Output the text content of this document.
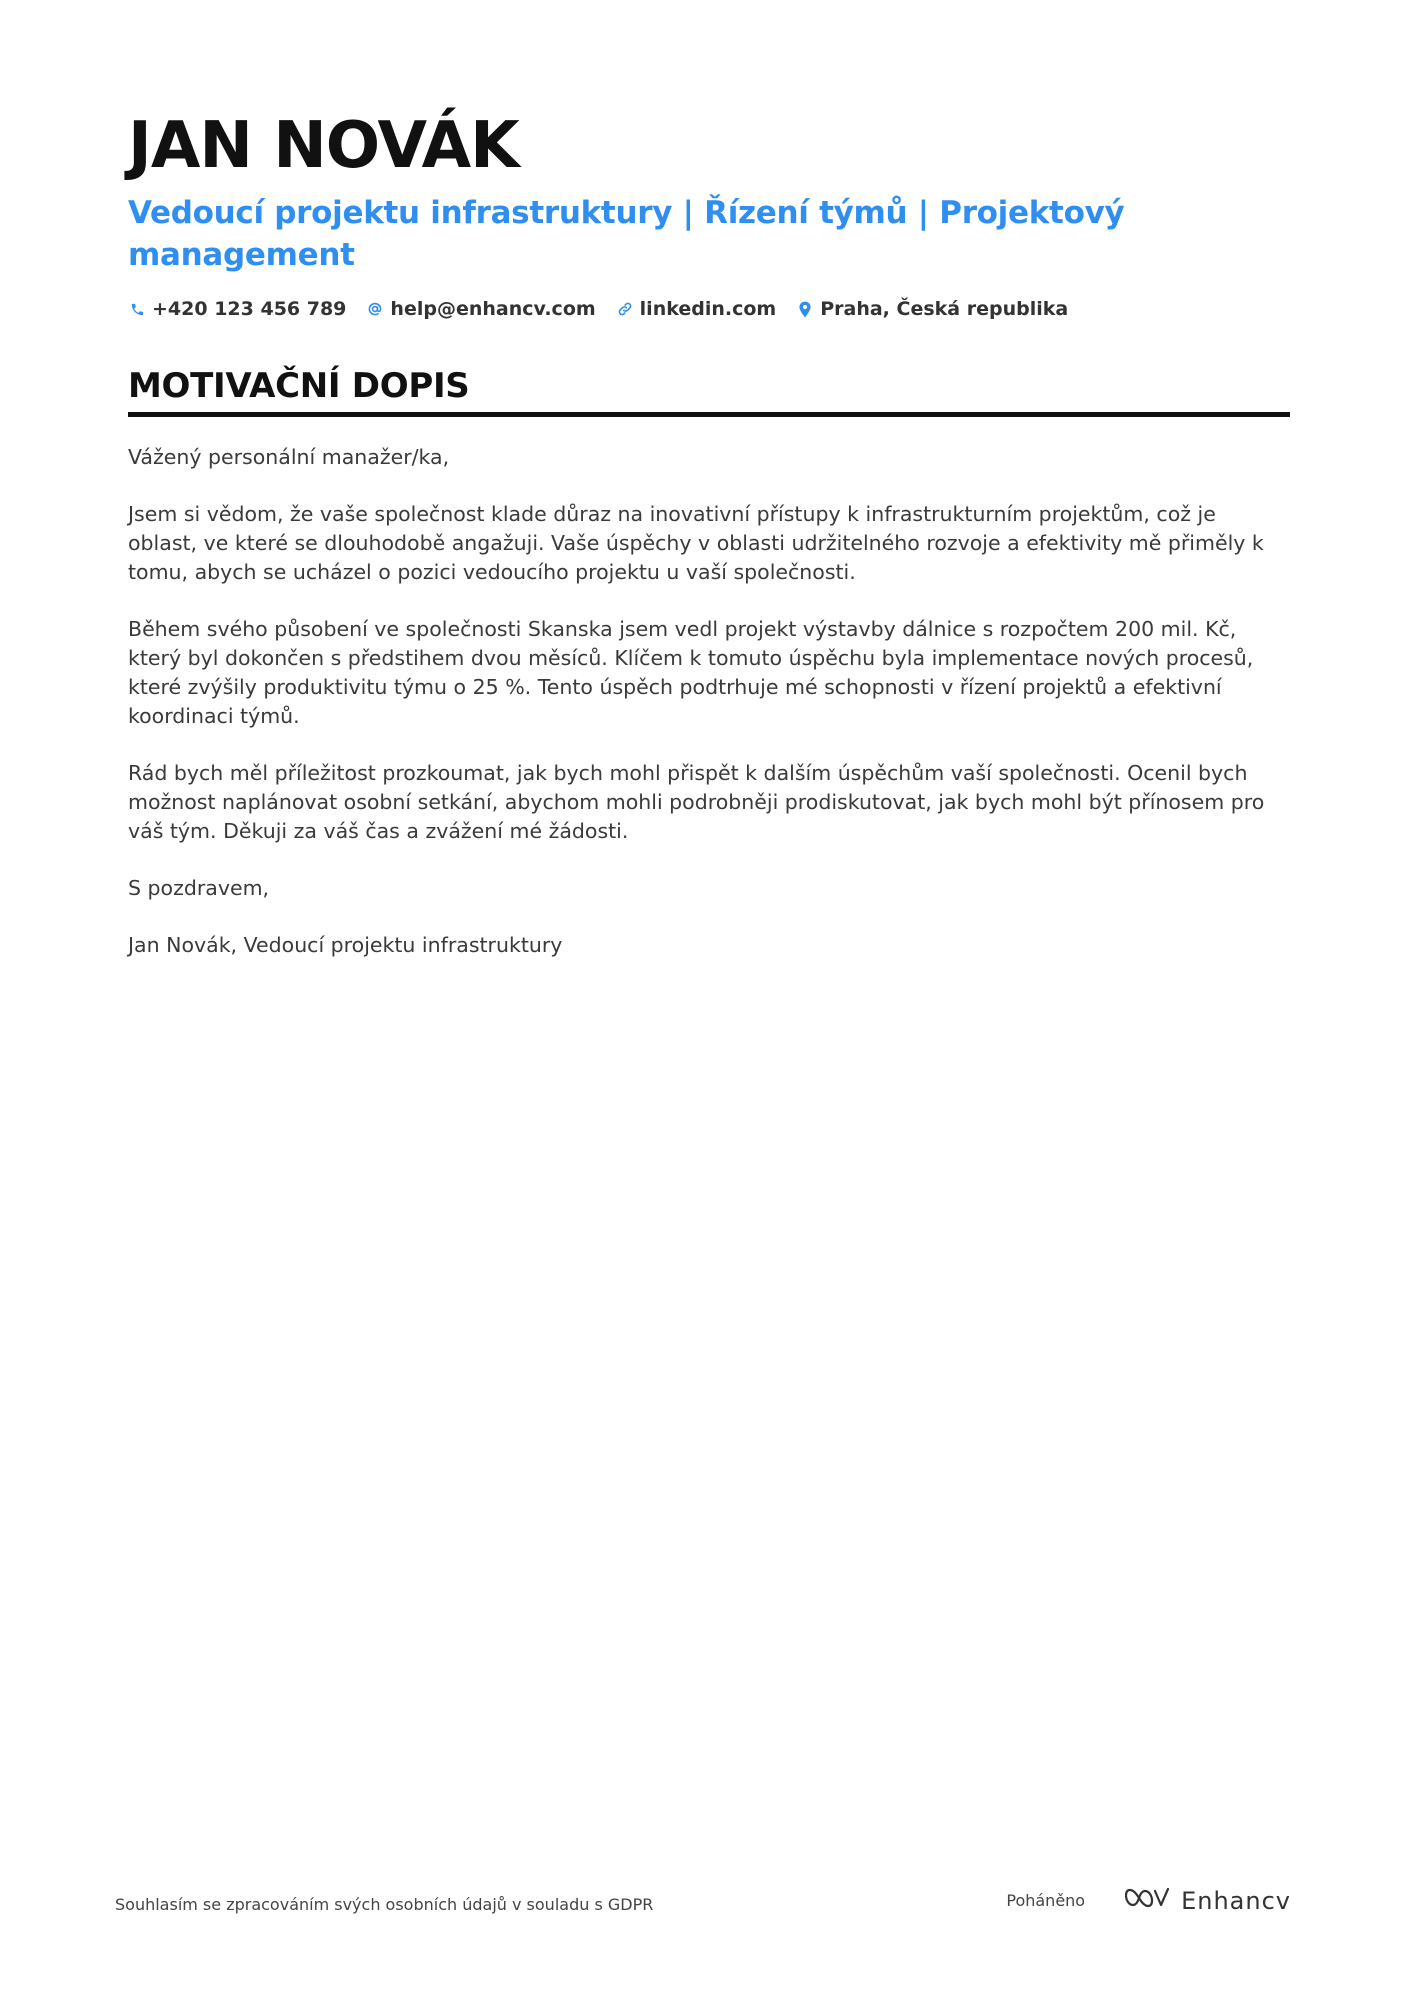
JAN NOVÁK
Vedoucí projektu infrastruktury | Řízení týmů | Projektový management
+420 123 456 789 help@enhancv.com linkedin.com Praha, Česká republika
MOTIVAČNÍ DOPIS

Vážený personální manažer/ka,

Jsem si vědom, že vaše společnost klade důraz na inovativní přístupy k infrastrukturním projektům, což je oblast, ve které se dlouhodobě angažuji. Vaše úspěchy v oblasti udržitelného rozvoje a efektivity mě přiměly k tomu, abych se ucházel o pozici vedoucího projektu u vaší společnosti.

Během svého působení ve společnosti Skanska jsem vedl projekt výstavby dálnice s rozpočtem 200 mil. Kč, který byl dokončen s předstihem dvou měsíců. Klíčem k tomuto úspěchu byla implementace nových procesů, které zvýšily produktivitu týmu o 25 %. Tento úspěch podtrhuje mé schopnosti v řízení projektů a efektivní koordinaci týmů.

Rád bych měl příležitost prozkoumat, jak bych mohl přispět k dalším úspěchům vaší společnosti. Ocenil bych možnost naplánovat osobní setkání, abychom mohli podrobněji prodiskutovat, jak bych mohl být přínosem pro váš tým. Děkuji za váš čas a zvážení mé žádosti.

S pozdravem,

Jan Novák, Vedoucí projektu infrastruktury

Souhlasím se zpracováním svých osobních údajů v souladu s GDPR	Poháněno	Enhancv
